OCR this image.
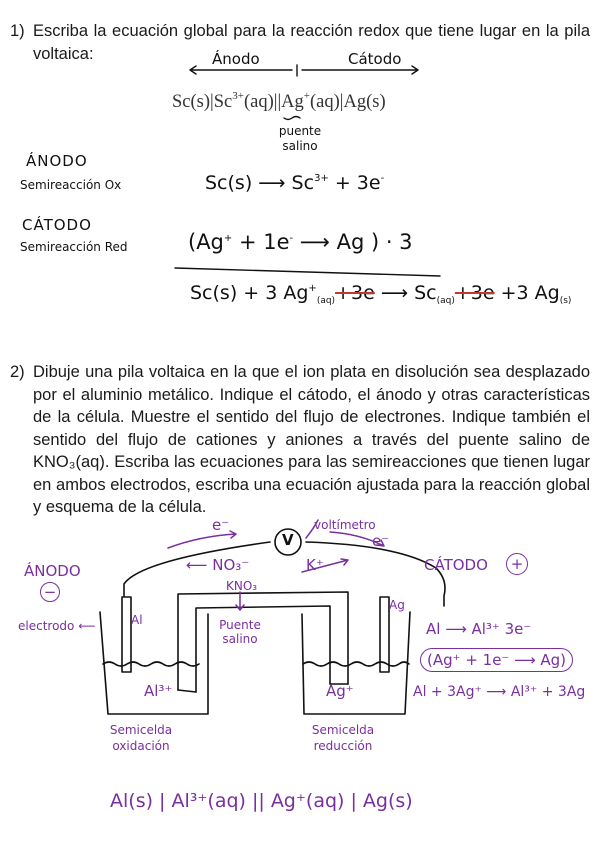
1) Escriba la ecuación global para la reacción redox que tiene lugar en la pila voltaica:
$Sc(s)|Sc^{3+}(aq)||Ag^+(aq)|Ag(s)$
Ánodo	Cátodo
puente salino
ÁNODO
Semireacción Ox	Sc(s) ⟶ $Sc^{3+} + 3e^-$
CÁTODO
Semireacción Red	(Ag+ + 1e- ⟶ Ag ) · 3
Sc(s) + 3 $Ag^+_{(aq)}+3e$ ⟶ $Sc_{(aq)}+3e +3$ $Ag_{(s)}$
2) Dibuje una pila voltaica en la que el ion plata en disolución sea desplazado por el aluminio metálico. Indique el cátodo, el ánodo y otras características de la célula. Muestre el sentido del flujo de electrones. Indique también el sentido del flujo de cationes y aniones a través del puente salino de KNO₃(aq). Escriba las ecuaciones para las semireacciones que tienen lugar en ambos electrodos, escriba una ecuación ajustada para la reacción global y esquema de la célula.
e⁻
V
voltímetro
e⁻
⟵ NO₃⁻	K⁺
KNO₃
ÁNODO
−
CÁTODO	+
electrodo ⟵	Al
Ag
Puente salino
Al³⁺	Ag⁺
Semicelda oxidación
Semicelda reducción
Al ⟶ Al³⁺ 3e⁻
(Ag⁺ + 1e⁻ ⟶ Ag)
Al + 3Ag⁺ ⟶ Al³⁺ + 3Ag
Al(s) | Al³⁺(aq) || Ag⁺(aq) | Ag(s)
